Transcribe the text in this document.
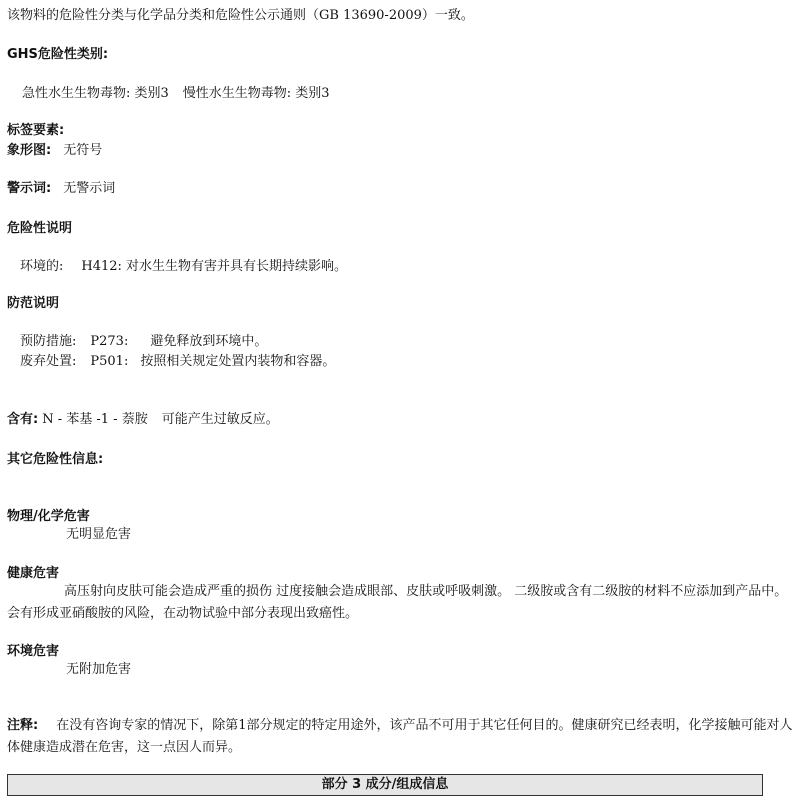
该物料的危险性分类与化学品分类和危险性公示通则（GB 13690-2009）一致。
GHS危险性类别:
急性水生生物毒物: 类别3 慢性水生生物毒物: 类别3
标签要素:
象形图: 无符号
警示词: 无警示词
危险性说明
环境的: H412: 对水生生物有害并具有长期持续影响。
防范说明
预防措施: P273: 避免释放到环境中。
废弃处置: P501: 按照相关规定处置内装物和容器。
含有: N - 苯基 -1 - 萘胺 可能产生过敏反应。
其它危险性信息:
物理/化学危害
无明显危害
健康危害
高压射向皮肤可能会造成严重的损伤 过度接触会造成眼部、皮肤或呼吸刺激。 二级胺或含有二级胺的材料不应添加到产品中。会有形成亚硝酸胺的风险，在动物试验中部分表现出致癌性。
环境危害
无附加危害
注释: 在没有咨询专家的情况下，除第1部分规定的特定用途外，该产品不可用于其它任何目的。健康研究已经表明，化学接触可能对人体健康造成潜在危害，这一点因人而异。
部分 3 成分/组成信息
